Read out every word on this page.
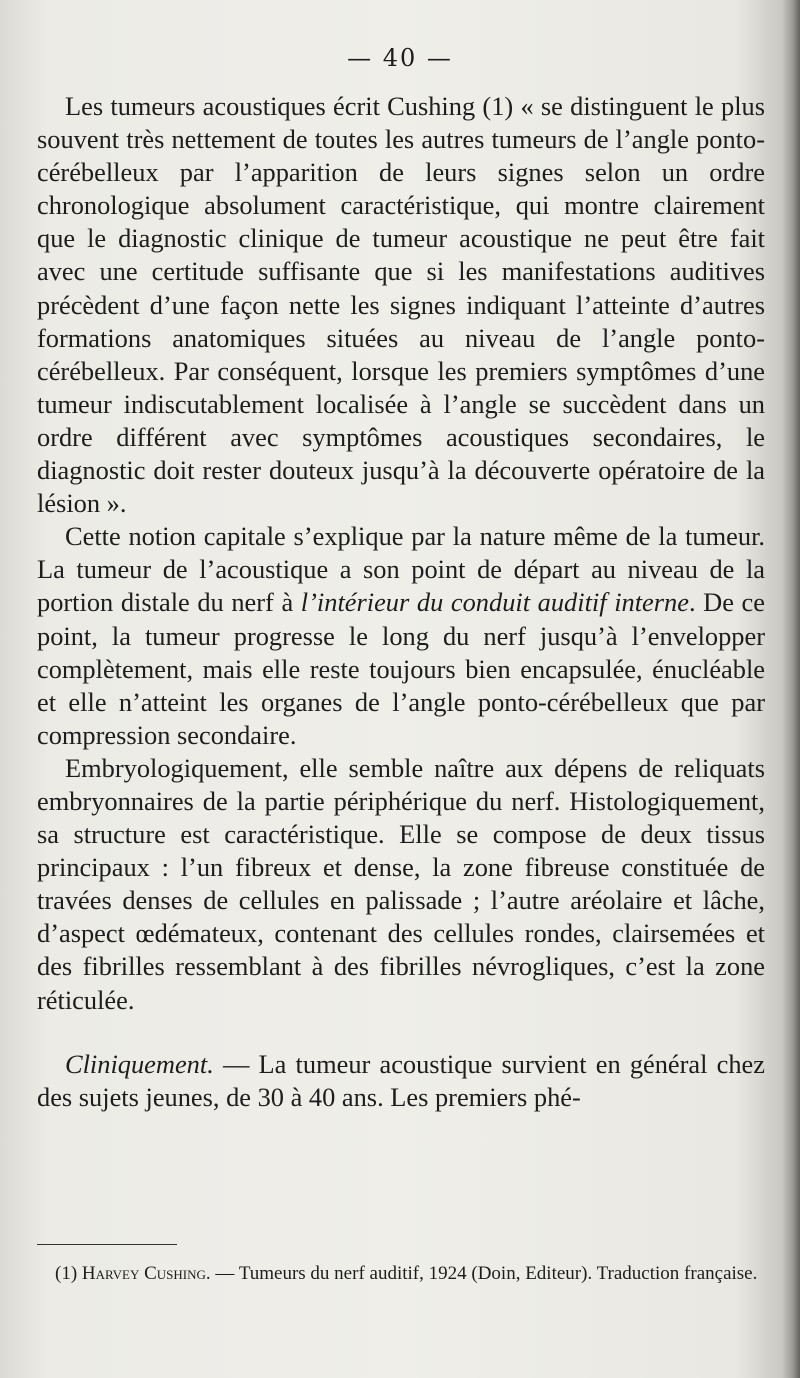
— 40 —

Les tumeurs acoustiques écrit Cushing (1) « se distinguent le plus souvent très nettement de toutes les autres tumeurs de l’angle ponto-cérébelleux par l’apparition de leurs signes selon un ordre chronologique absolument caractéristique, qui montre clairement que le diagnostic clinique de tumeur acoustique ne peut être fait avec une certitude suffisante que si les manifestations auditives précèdent d’une façon nette les signes indiquant l’atteinte d’autres formations anatomiques situées au niveau de l’angle ponto-cérébelleux. Par conséquent, lorsque les premiers symptômes d’une tumeur indiscutablement localisée à l’angle se succèdent dans un ordre différent avec symptômes acoustiques secondaires, le diagnostic doit rester douteux jusqu’à la découverte opératoire de la lésion ».

Cette notion capitale s’explique par la nature même de la tumeur. La tumeur de l’acoustique a son point de départ au niveau de la portion distale du nerf à l’intérieur du conduit auditif interne. De ce point, la tumeur progresse le long du nerf jusqu’à l’envelopper complètement, mais elle reste toujours bien encapsulée, énucléable et elle n’atteint les organes de l’angle ponto-cérébelleux que par compression secondaire.

Embryologiquement, elle semble naître aux dépens de reliquats embryonnaires de la partie périphérique du nerf. Histologiquement, sa structure est caractéristique. Elle se compose de deux tissus principaux : l’un fibreux et dense, la zone fibreuse constituée de travées denses de cellules en palissade ; l’autre aréolaire et lâche, d’aspect œdémateux, contenant des cellules rondes, clairsemées et des fibrilles ressemblant à des fibrilles névrogliques, c’est la zone réticulée.

Cliniquement. — La tumeur acoustique survient en général chez des sujets jeunes, de 30 à 40 ans. Les premiers phé-

(1) Harvey Cushing. — Tumeurs du nerf auditif, 1924 (Doin, Editeur). Traduction française.
